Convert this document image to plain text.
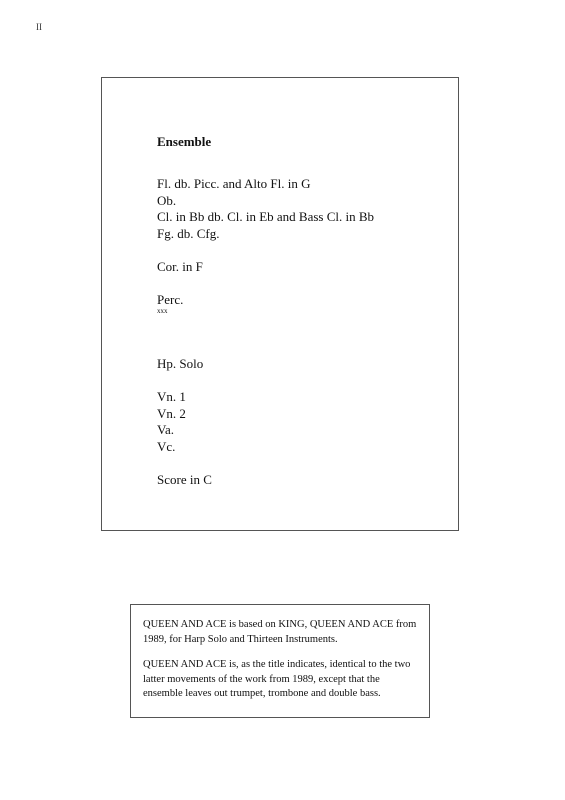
II
Ensemble
Fl. db. Picc. and Alto Fl. in G
Ob.
Cl. in Bb db. Cl. in Eb and Bass Cl. in Bb
Fg. db. Cfg.
Cor. in F
Perc.
xxx
Hp. Solo
Vn. 1
Vn. 2
Va.
Vc.
Score in C

QUEEN AND ACE is based on KING, QUEEN AND ACE from 1989, for Harp Solo and Thirteen Instruments.

QUEEN AND ACE is, as the title indicates, identical to the two latter movements of the work from 1989, except that the ensemble leaves out trumpet, trombone and double bass.
